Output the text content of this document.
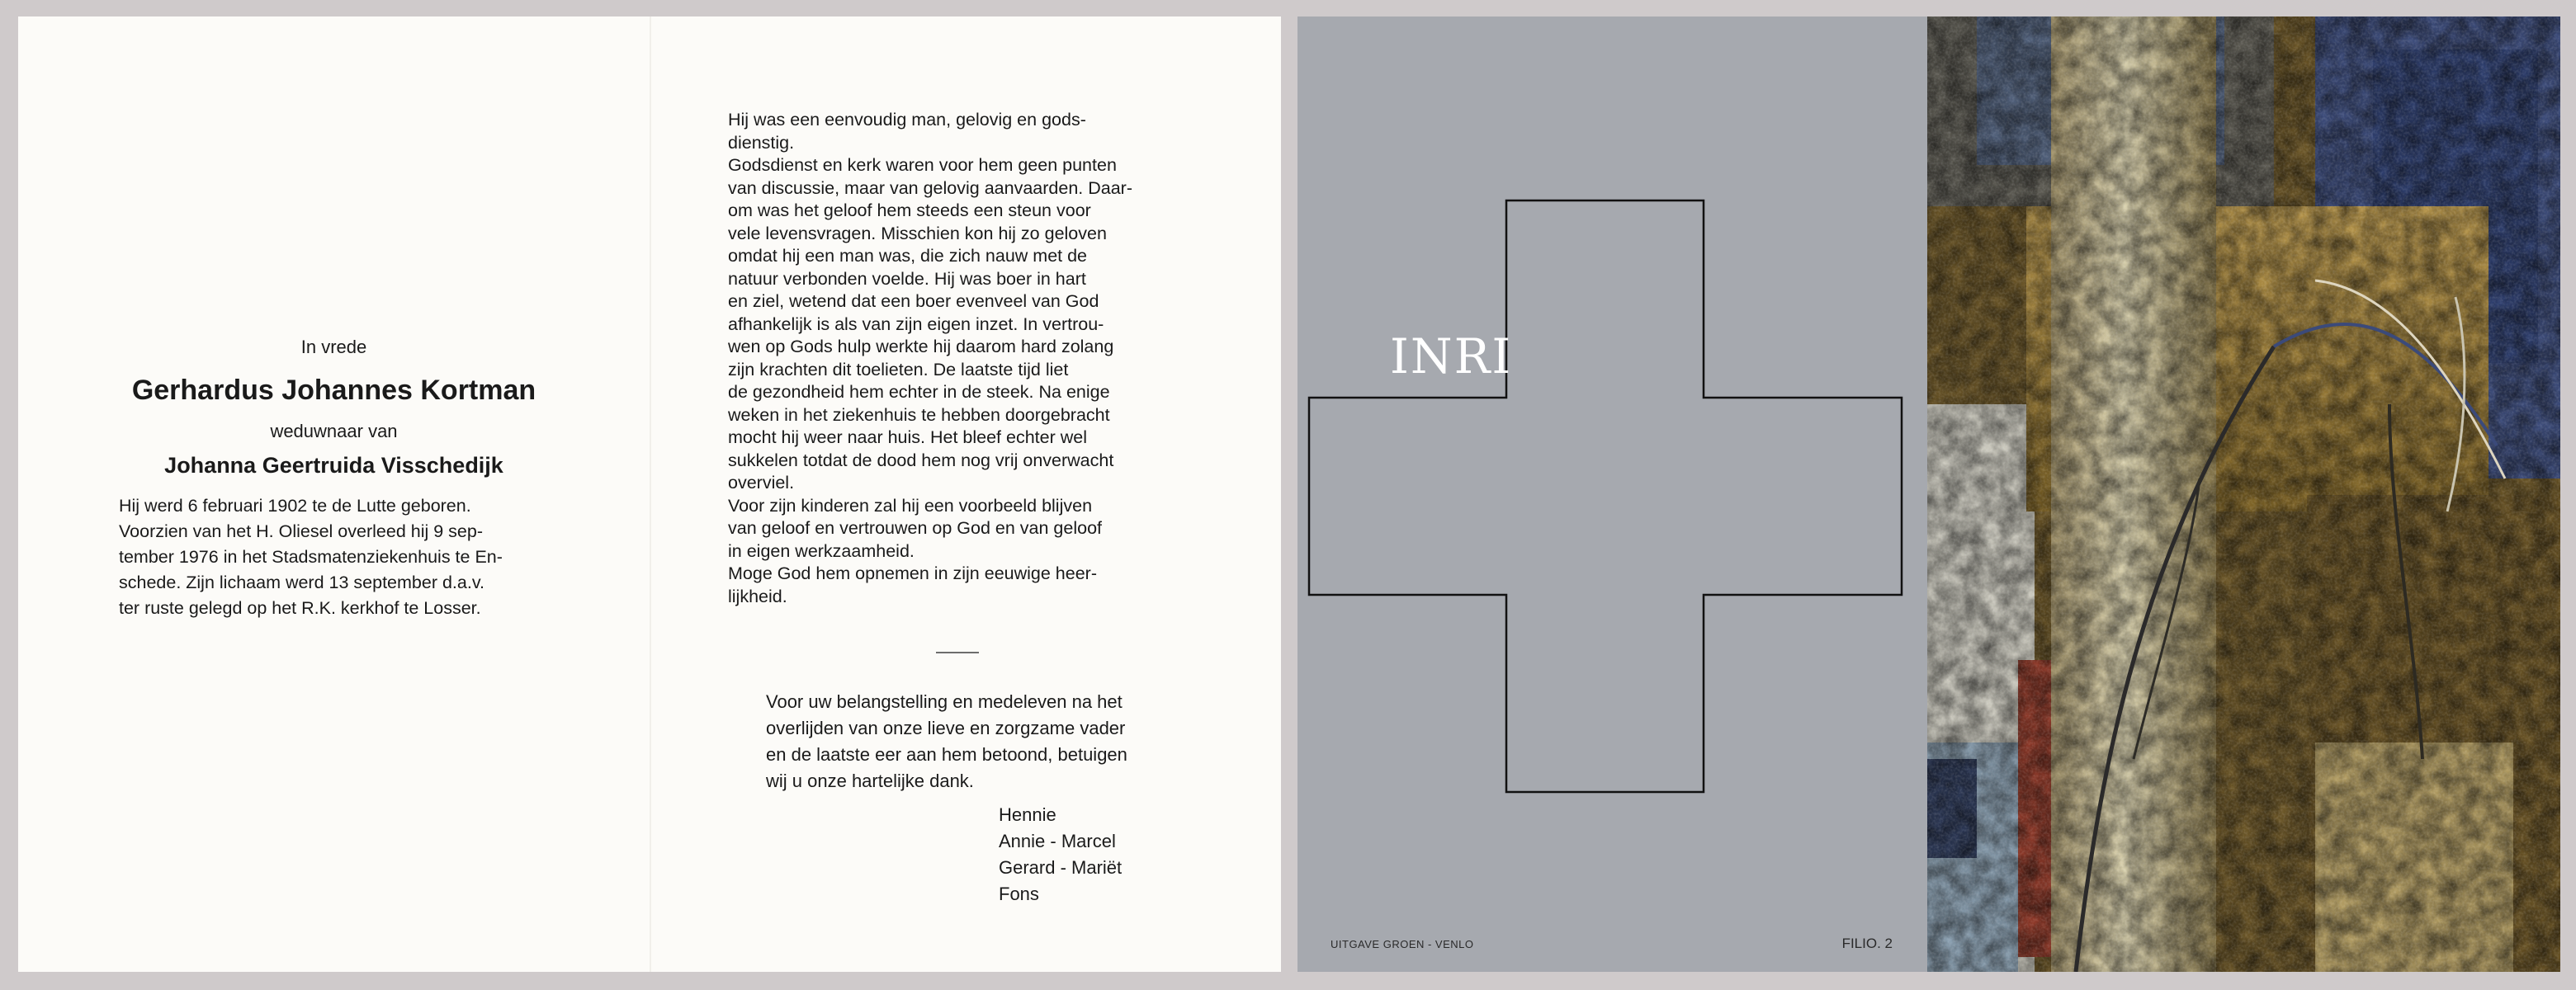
In vrede
Gerhardus Johannes Kortman
weduwnaar van
Johanna Geertruida Visschedijk
Hij werd 6 februari 1902 te de Lutte geboren.
Voorzien van het H. Oliesel overleed hij 9 sep-
tember 1976 in het Stadsmatenziekenhuis te En-
schede. Zijn lichaam werd 13 september d.a.v.
ter ruste gelegd op het R.K. kerkhof te Losser.
Hij was een eenvoudig man, gelovig en gods-
dienstig.
Godsdienst en kerk waren voor hem geen punten
van discussie, maar van gelovig aanvaarden. Daar-
om was het geloof hem steeds een steun voor
vele levensvragen. Misschien kon hij zo geloven
omdat hij een man was, die zich nauw met de
natuur verbonden voelde. Hij was boer in hart
en ziel, wetend dat een boer evenveel van God
afhankelijk is als van zijn eigen inzet. In vertrou-
wen op Gods hulp werkte hij daarom hard zolang
zijn krachten dit toelieten. De laatste tijd liet
de gezondheid hem echter in de steek. Na enige
weken in het ziekenhuis te hebben doorgebracht
mocht hij weer naar huis. Het bleef echter wel
sukkelen totdat de dood hem nog vrij onverwacht
overviel.
Voor zijn kinderen zal hij een voorbeeld blijven
van geloof en vertrouwen op God en van geloof
in eigen werkzaamheid.
Moge God hem opnemen in zijn eeuwige heer-
lijkheid.
Voor uw belangstelling en medeleven na het
overlijden van onze lieve en zorgzame vader
en de laatste eer aan hem betoond, betuigen
wij u onze hartelijke dank.
Hennie
Annie - Marcel
Gerard - Mariët
Fons
INRI
UITGAVE GROEN - VENLO	FILIO. 2
